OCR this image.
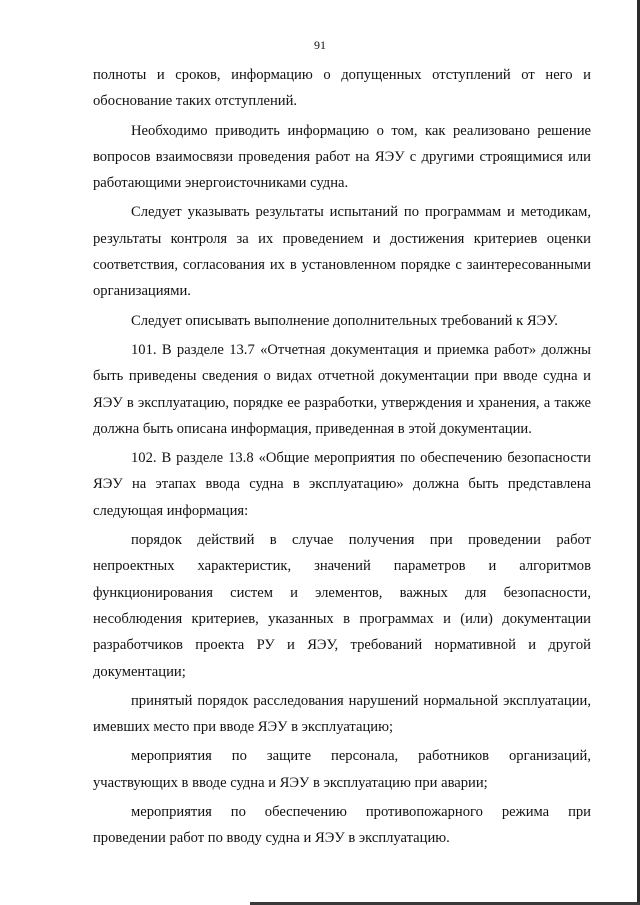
91

полноты и сроков, информацию о допущенных отступлений от него и обоснование таких отступлений.

Необходимо приводить информацию о том, как реализовано решение вопросов взаимосвязи проведения работ на ЯЭУ с другими строящимися или работающими энергоисточниками судна.

Следует указывать результаты испытаний по программам и методикам, результаты контроля за их проведением и достижения критериев оценки соответствия, согласования их в установленном порядке с заинтересованными организациями.

Следует описывать выполнение дополнительных требований к ЯЭУ.

101. В разделе 13.7 «Отчетная документация и приемка работ» должны быть приведены сведения о видах отчетной документации при вводе судна и ЯЭУ в эксплуатацию, порядке ее разработки, утверждения и хранения, а также должна быть описана информация, приведенная в этой документации.

102. В разделе 13.8 «Общие мероприятия по обеспечению безопасности ЯЭУ на этапах ввода судна в эксплуатацию» должна быть представлена следующая информация:

порядок действий в случае получения при проведении работ непроектных характеристик, значений параметров и алгоритмов функционирования систем и элементов, важных для безопасности, несоблюдения критериев, указанных в программах и (или) документации разработчиков проекта РУ и ЯЭУ, требований нормативной и другой документации;

принятый порядок расследования нарушений нормальной эксплуатации, имевших место при вводе ЯЭУ в эксплуатацию;

мероприятия по защите персонала, работников организаций, участвующих в вводе судна и ЯЭУ в эксплуатацию при аварии;

мероприятия по обеспечению противопожарного режима при проведении работ по вводу судна и ЯЭУ в эксплуатацию.
